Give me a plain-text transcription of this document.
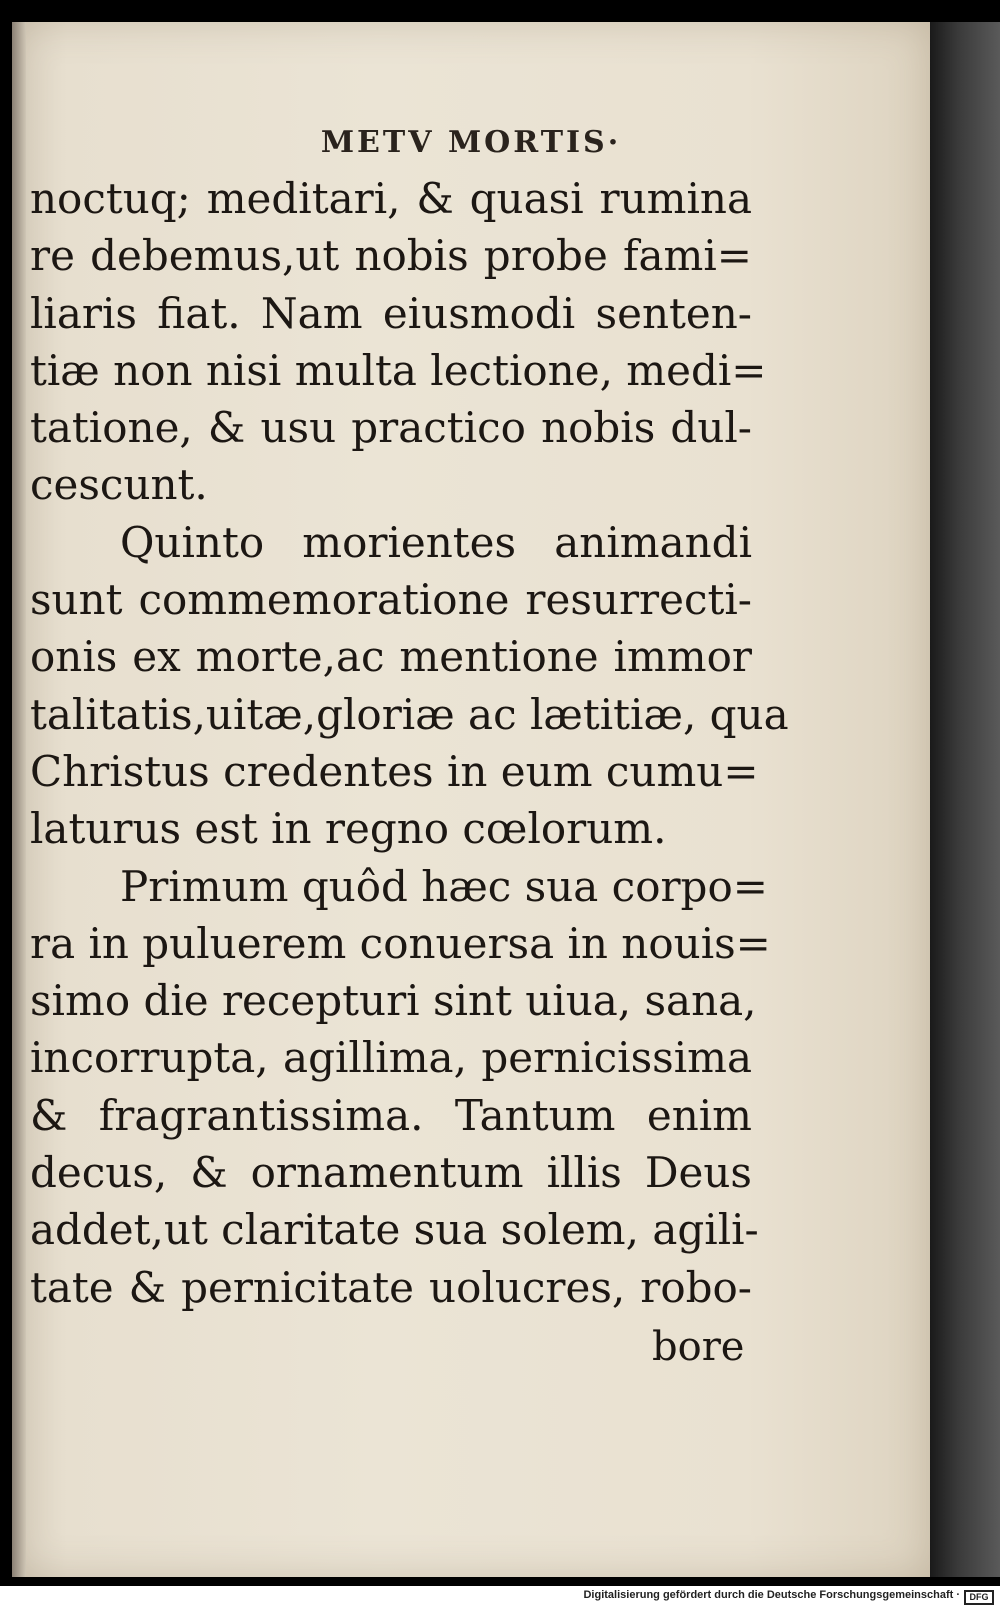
METV MORTIS·
noctuq; meditari, & quasi rumina
re debemus,ut nobis probe fami=
liaris fiat. Nam eiusmodi senten-
tiæ non nisi multa lectione, medi=
tatione, & usu practico nobis dul-
cescunt.
Quinto morientes animandi
sunt commemoratione resurrecti-
onis ex morte,ac mentione immor
talitatis,uitæ,gloriæ ac lætitiæ, qua
Christus credentes in eum cumu=
laturus est in regno cœlorum.
Primum quôd hæc sua corpo=
ra in puluerem conuersa in nouis=
simo die recepturi sint uiua, sana,
incorrupta, agillima, pernicissima
& fragrantissima. Tantum enim
decus, & ornamentum illis Deus
addet,ut claritate sua solem, agili-
tate & pernicitate uolucres, robo-
bore
Digitalisierung gefördert durch die Deutsche Forschungsgemeinschaft ·	DFG
